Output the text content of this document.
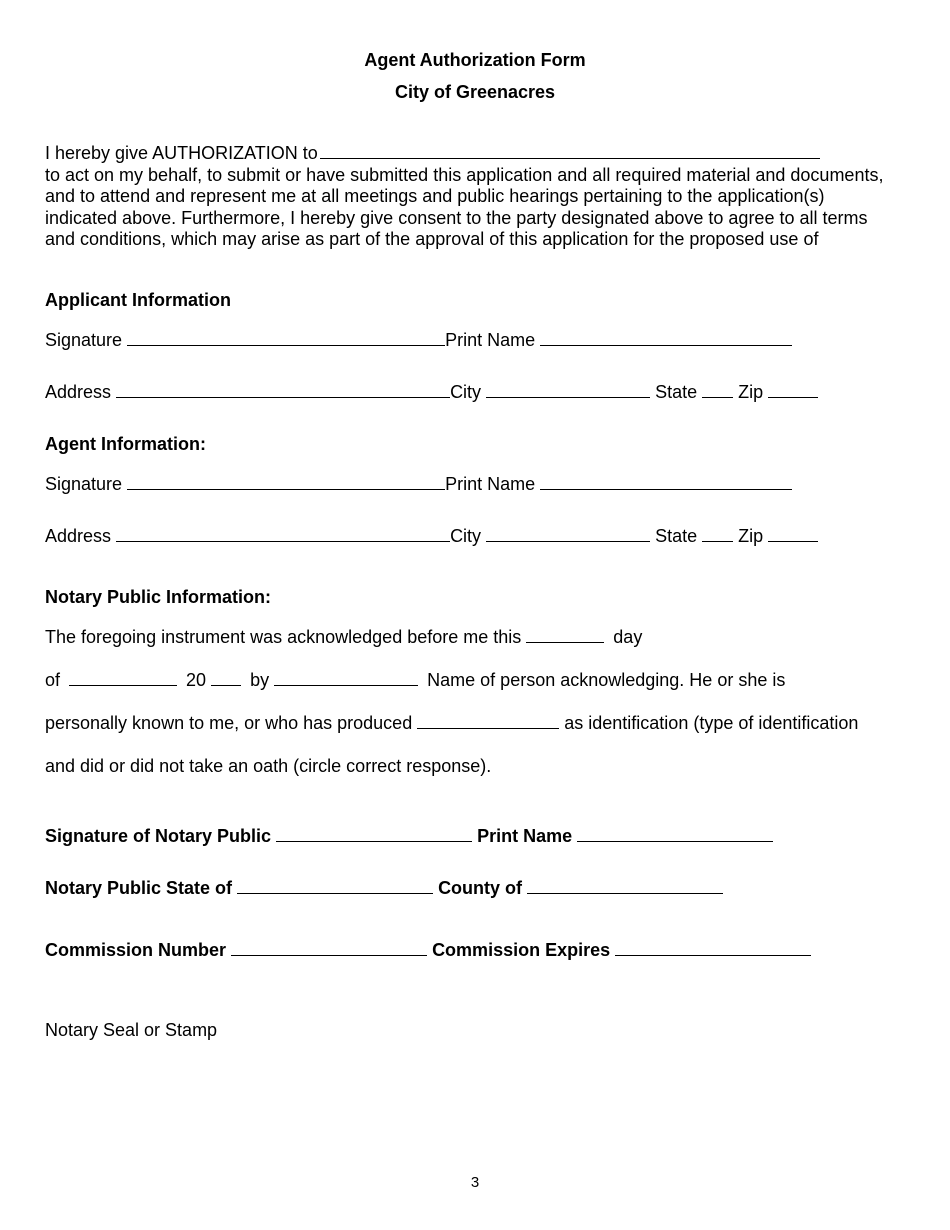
Agent Authorization Form
City of Greenacres
I hereby give AUTHORIZATION to
to act on my behalf, to submit or have submitted this application and all required material and documents, and to attend and represent me at all meetings and public hearings pertaining to the application(s) indicated above. Furthermore, I hereby give consent to the party designated above to agree to all terms and conditions, which may arise as part of the approval of this application for the proposed use of
Applicant Information
Signature	Print Name
Address	City	State Zip
Agent Information:
Signature	Print Name
Address	City	State Zip
Notary Public Information:
The foregoing instrument was acknowledged before me this	day
of	20 by	Name of person acknowledging. He or she is
personally known to me, or who has produced	as identification (type of identification
and did or did not take an oath (circle correct response).
Signature of Notary Public	Print Name
Notary Public State of	County of
Commission Number	Commission Expires
Notary Seal or Stamp
3
